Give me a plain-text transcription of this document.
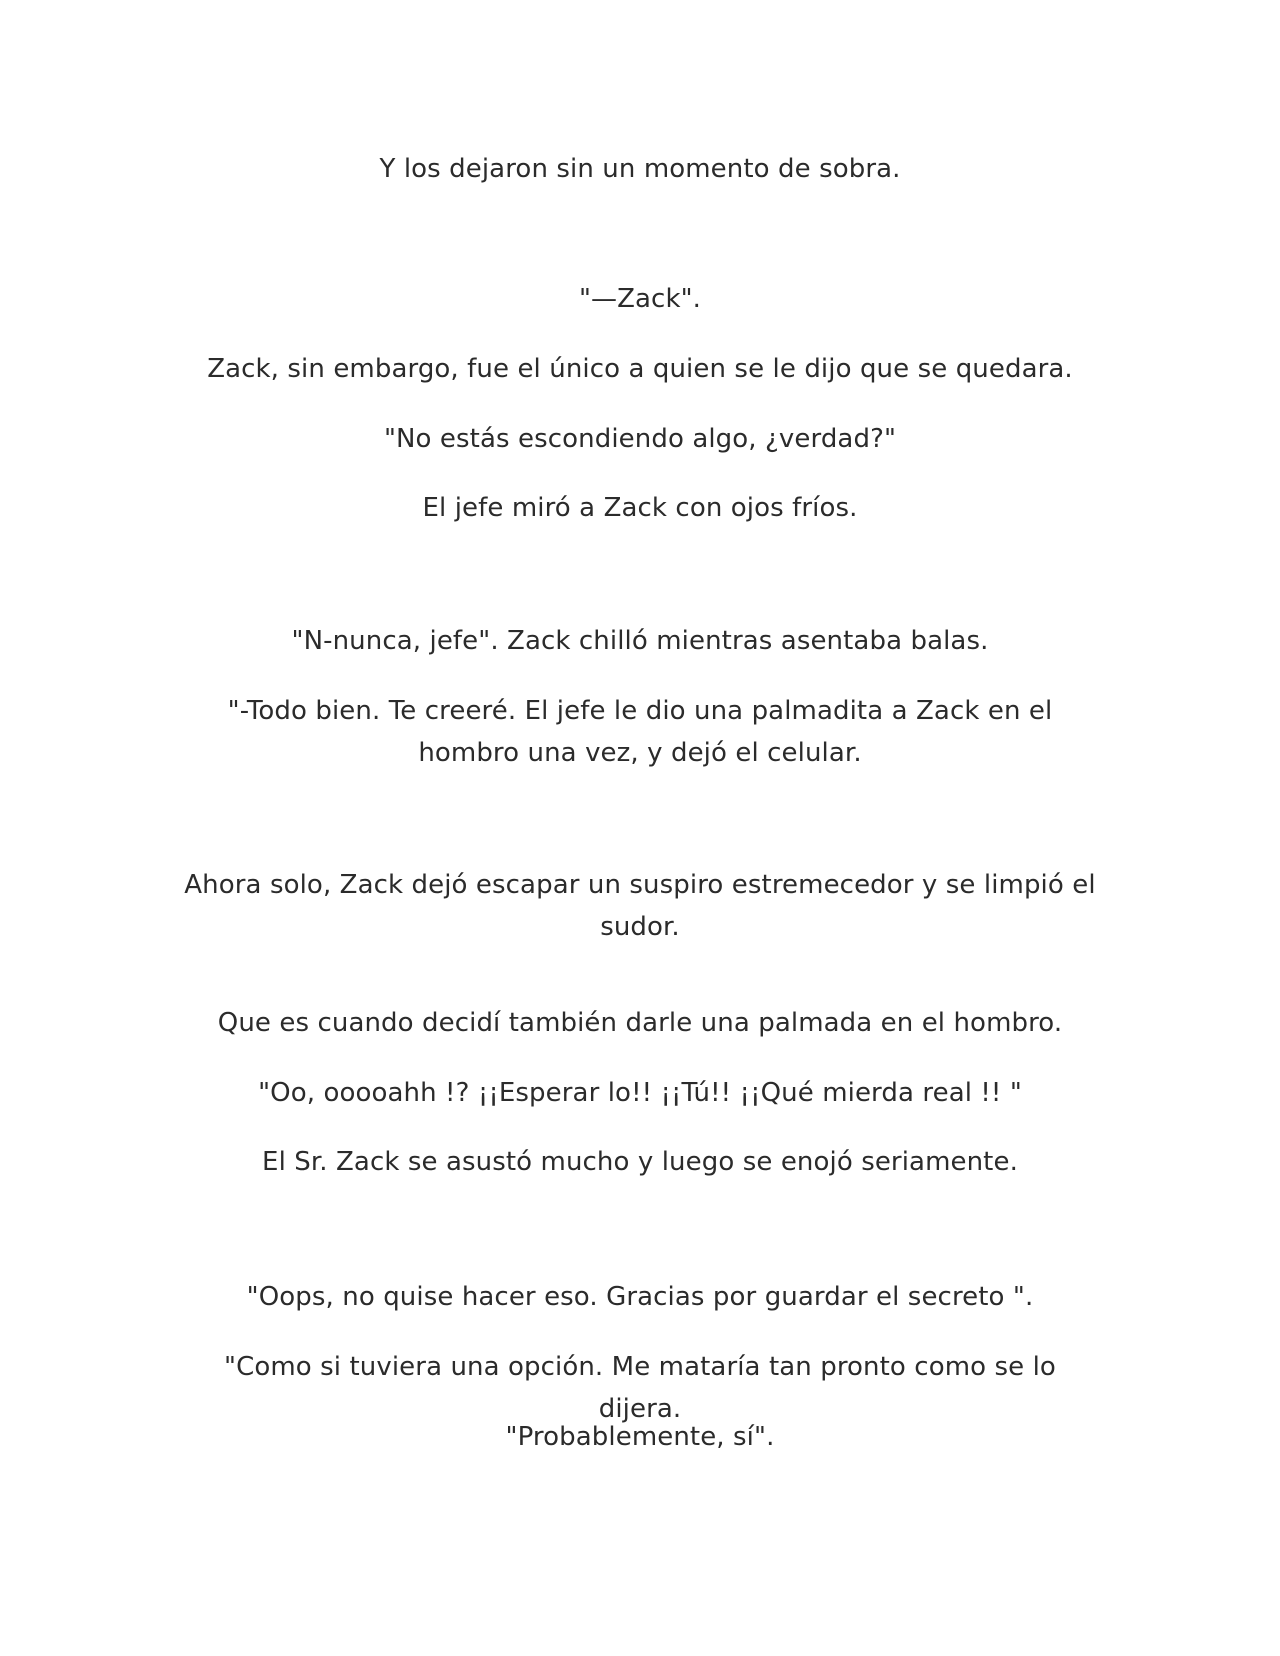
Y los dejaron sin un momento de sobra.

"—Zack".

Zack, sin embargo, fue el único a quien se le dijo que se quedara.

"No estás escondiendo algo, ¿verdad?"

El jefe miró a Zack con ojos fríos.

"N-nunca, jefe". Zack chilló mientras asentaba balas.

"-Todo bien. Te creeré. El jefe le dio una palmadita a Zack en el hombro una vez, y dejó el celular.

Ahora solo, Zack dejó escapar un suspiro estremecedor y se limpió el sudor.

Que es cuando decidí también darle una palmada en el hombro.

"Oo, ooooahh !? ¡¡Esperar lo!! ¡¡Tú!! ¡¡Qué mierda real !! "

El Sr. Zack se asustó mucho y luego se enojó seriamente.

"Oops, no quise hacer eso. Gracias por guardar el secreto ".

"Como si tuviera una opción. Me mataría tan pronto como se lo dijera.

"Probablemente, sí".
